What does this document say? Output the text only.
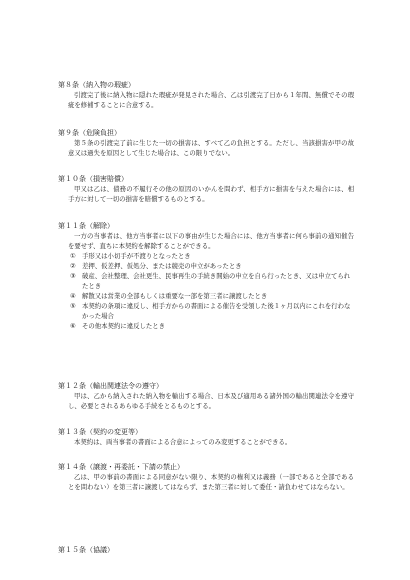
第８条（納入物の瑕疵）
引渡完了後に納入物に隠れた瑕疵が発見された場合、乙は引渡完了日から１年間、無償でその瑕疵を修補することに合意する。
第９条（危険負担）
第５条の引渡完了前に生じた一切の損害は、すべて乙の負担とする。ただし、当該損害が甲の故意又は過失を原因として生じた場合は、この限りでない。
第１０条（損害賠償）
甲又は乙は、債務の不履行その他の原因のいかんを問わず、相手方に損害を与えた場合には、相手方に対して一切の損害を賠償するものとする。
第１１条（解除）
一方の当事者は、他方当事者に以下の事由が生じた場合には、他方当事者に何ら事前の通知催告を要せず、直ちに本契約を解除することができる。
① 手形又は小切手が不渡りとなったとき
② 差押、仮差押、仮処分、または競売の申立があったとき
③ 破産、会社整理、会社更生、民事再生の手続き開始の申立を自ら行ったとき、又は申立てられたとき
④ 解散又は営業の全部もしくは重要な一部を第三者に譲渡したとき
⑤ 本契約の条項に違反し、相手方からの書面による催告を受領した後１ヶ月以内にこれを行わなかった場合
⑥ その他本契約に違反したとき
第１２条（輸出関連法令の遵守）
甲は、乙から納入された納入物を輸出する場合、日本及び適用ある諸外国の輸出関連法令を遵守し、必要とされるあらゆる手続をとるものとする。
第１３条（契約の変更等）
本契約は、両当事者の書面による合意によってのみ変更することができる。
第１４条（譲渡・再委託・下請の禁止）
乙は、甲の事前の書面による同意がない限り、本契約の権利又は義務（一部であると全部であるとを問わない）を第三者に譲渡してはならず、また第三者に対して委任・請負わせてはならない。
第１５条（協議）
